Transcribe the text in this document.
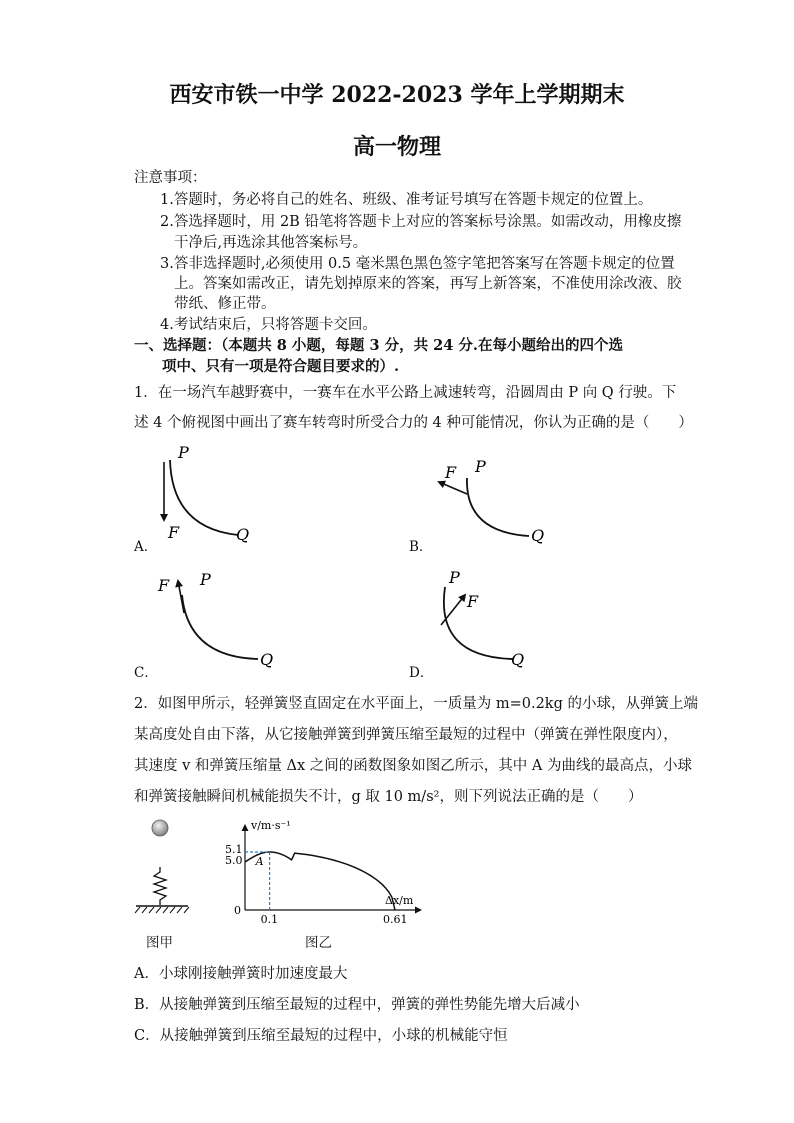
西安市铁一中学 2022-2023 学年上学期期末
高一物理
注意事项：
1.答题时，务必将自己的姓名、班级、准考证号填写在答题卡规定的位置上。
2.答选择题时，用 2B 铅笔将答题卡上对应的答案标号涂黑。如需改动，用橡皮擦
干净后,再选涂其他答案标号。
3.答非选择题时,必须使用 0.5 毫米黑色黑色签字笔把答案写在答题卡规定的位置
上。答案如需改正，请先划掉原来的答案，再写上新答案，不准使用涂改液、胶
带纸、修正带。
4.考试结束后，只将答题卡交回。
一、选择题：（本题共 8 小题，每题 3 分，共 24 分.在每小题给出的四个选
项中、只有一项是符合题目要求的）.
1．在一场汽车越野赛中，一赛车在水平公路上减速转弯，沿圆周由 P 向 Q 行驶。下
述 4 个俯视图中画出了赛车转弯时所受合力的 4 种可能情况，你认为正确的是（　　）
A．
P
F	Q
B．
F P
Q
C．
F P
Q
D．
P
F
Q
2．如图甲所示，轻弹簧竖直固定在水平面上，一质量为 m=0.2kg 的小球，从弹簧上端
某高度处自由下落，从它接触弹簧到弹簧压缩至最短的过程中（弹簧在弹性限度内），
其速度 v 和弹簧压缩量 Δx 之间的函数图象如图乙所示，其中 A 为曲线的最高点，小球
和弹簧接触瞬间机械能损失不计，g 取 10 m/s²，则下列说法正确的是（　　）
图甲
v/m·s⁻¹
Δx/m
0
5.1
5.0
0.1	0.61
A
图乙
A．小球刚接触弹簧时加速度最大
B．从接触弹簧到压缩至最短的过程中，弹簧的弹性势能先增大后减小
C．从接触弹簧到压缩至最短的过程中，小球的机械能守恒
